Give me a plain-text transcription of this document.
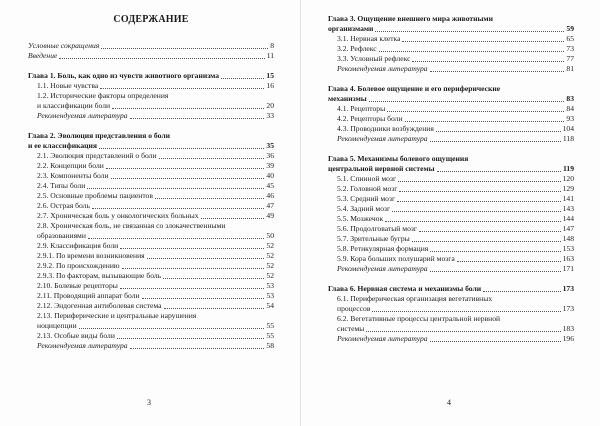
СОДЕРЖАНИЕ
Условные сокращения	8
Введение	11
Глава 1. Боль, как одно из чувств животного организма	15
1.1. Новые чувства	16
1.2. Исторические факторы определения
и классификации боли	20
Рекомендуемая литература	33
Глава 2. Эволюция представления о боли
и ее классификация	35
2.1. Эволюция представлений о боли	36
2.2. Концепции боли	39
2.3. Компоненты боли	40
2.4. Типы боли	45
2.5. Основные проблемы пациентов	46
2.6. Острая боль	47
2.7. Хроническая боль у онкологических больных	49
2.8. Хроническая боль, не связанная со злокачественными
образованиями	50
2.9. Классификация боли	52
2.9.1. По времени возникновения	52
2.9.2. По происхождению	52
2.9.3. По факторам, вызывающие боль	52
2.10. Болевые рецепторы	53
2.11. Проводящий аппарат боли	53
2.12. Эндогенная антиболевая система	54
2.13. Периферические и центральные нарушения
ноцицепции	55
2.13. Особые виды боли	55
Рекомендуемая литература	58
3
Глава 3. Ощущение внешнего мира животными
организмами	59
3.1. Нервная клетка	65
3.2. Рефлекс	73
3.3. Условный рефлекс	77
Рекомендуемая литература	81
Глава 4. Болевое ощущение и его периферические
механизмы	83
4.1. Рецепторы	84
4.2. Рецепторы боли	93
4.3. Проводники возбуждения	104
Рекомендуемая литература	118
Глава 5. Механизмы болевого ощущения
центральной нервной системы	119
5.1. Спинной мозг	120
5.2. Головной мозг	129
5.3. Средний мозг	141
5.4. Задний мозг	143
5.5. Мозжечок	144
5.6. Продолговатый мозг	147
5.7. Зрительные бугры	148
5.8. Ретикулярная формация	153
5.9. Кора больших полушарий мозга	163
Рекомендуемая литература	171
Глава 6. Нервная система и механизмы боли	173
6.1. Периферическая организация вегетативных
процессов	173
6.2. Вегетативные процессы центральной нервной
системы	183
Рекомендуемая литература	196
4
